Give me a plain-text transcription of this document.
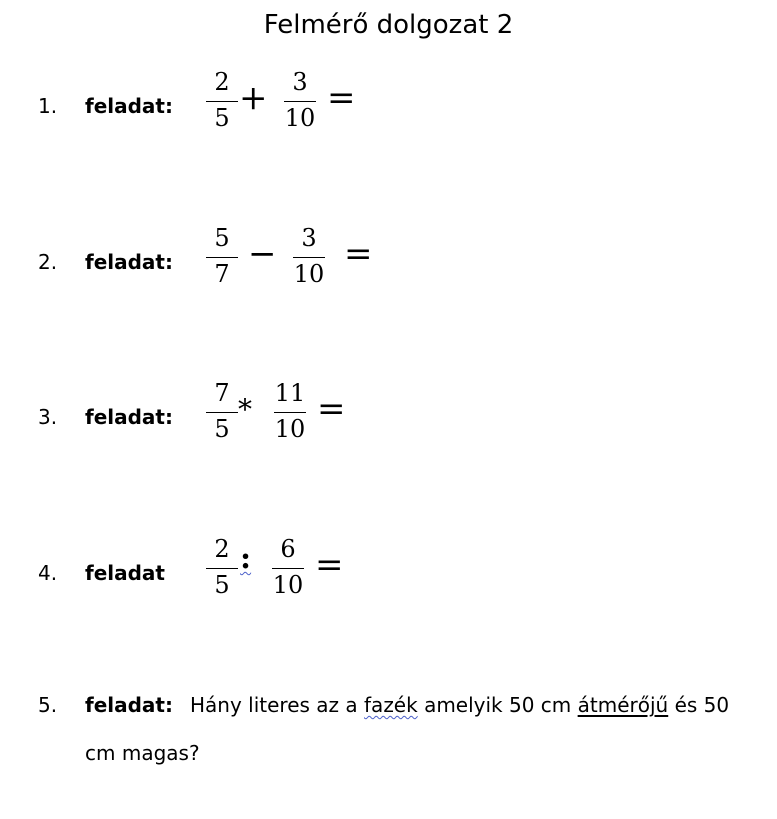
Felmérő dolgozat 2
1. feladat:
2
5 +	3
10 =
2. feladat:
5
7 −	3
10 =
3. feladat:
7
5
* 11
10 =
4. feladat
2
5
:	6
10 =
5. feladat: Hány literes az a fazék amelyik 50 cm átmérőjű és 50
cm magas?
